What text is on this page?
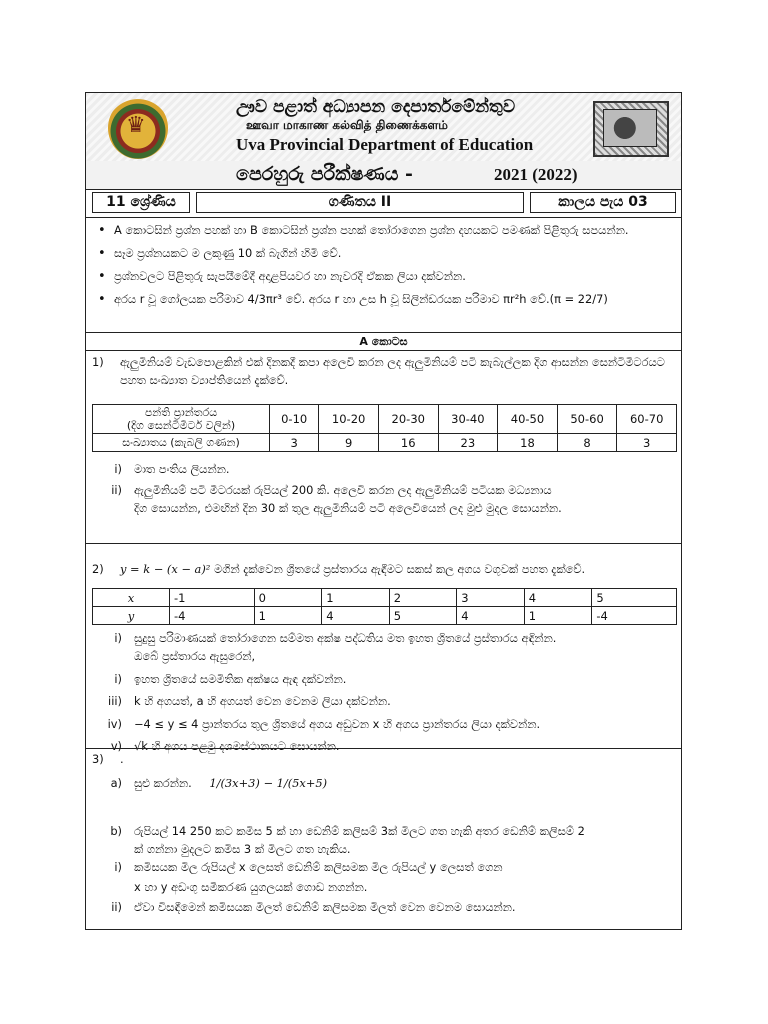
♛
ඌව පළාත් අධ්‍යාපන දෙපාර්තමේන්තුව
ஊவா மாகாண கல்வித் திணைக்களம்
Uva Provincial Department of Education
පෙරහුරු පරීක්ෂණය -	2021 (2022)
11 ශ්‍රේණිය	ගණිතය II	කාලය පැය 03
• A කොටසින් ප්‍රශ්න පහක් හා B කොටසින් ප්‍රශ්න පහක් තෝරාගෙන ප්‍රශ්න දහයකට පමණක් පිළිතුරු සපයන්න.
• සෑම ප්‍රශ්නයකට ම ලකුණු 10 ක් බැගින් හිමි වේ.
• ප්‍රශ්නවලට පිළිතුරු සැපයීමේදී අදාළපියවර හා නැවරදි ඒකක ලියා දක්වන්න.
• අරය r වූ ගෝලයක පරිමාව 4/3πr³ වේ. අරය r හා උස h වූ සිලින්ඩරයක පරිමාව πr²h වේ.(π = 22/7)
A කොටස
1) ඇලුමිනියම් වැඩපොළකින් එක් දිනකදී කපා අලෙවි කරන ලද ඇලුමිනියම් පටි කැබැල්ලක දිග ආසන්න සෙන්ටිමීටරයට පහත සංඛ්‍යාත ව්‍යාප්තියෙන් දැක්වේ.
පන්ති ප්‍රාන්තරය
(දිග සෙන්ටිමීටර් වලින්)	0-10	10-20	20-30	30-40	40-50	50-60	60-70
සංඛ්‍යාතය (කැබලි ගණන)	3	9	16	23	18	8	3
i) මාත පංතිය ලියන්න.
ii) ඇලුමිනියම් පටි මීටරයක් රුපියල් 200 කි. අලෙවි කරන ලද ඇලුමිනියම් පටියක මධ්‍යනාය
දිග සොයන්න, එමඟින් දින 30 ක් තුල ඇලුමිනියම් පටි අලෙවියෙන් ලද මුළු මුදල සොයන්න.
2) y = k − (x − a)² මගින් දැක්වෙන ශ්‍රිතයේ ප්‍රස්තාරය ඇඳීමට සකස් කල අගය වගුවක් පහත දැක්වේ.
x	-1	0	1	2	3	4	5
y	-4	1	4	5	4	1	-4
i) සුදුසු පරිමාණයක් තෝරාගෙන සම්මත අක්ෂ පද්ධතිය මත ඉහත ශ්‍රිතයේ ප්‍රස්තාරය අඳින්න.
ඔබේ ප්‍රස්තාරය ඇසුරෙන්,
i) ඉහත ශ්‍රිතයේ සමමිතික අක්ෂය ඇඳ දක්වන්න.
iii) k හි අගයත්, a හි අගයත් වෙන වෙනම ලියා දක්වන්න.
iv) −4 ≤ y ≤ 4 ප්‍රාන්තරය තුල ශ්‍රිතයේ අගය අඩුවන x හි අගය ප්‍රාන්තරය ලියා දක්වන්න.
v) √k හි අගය පළමු දශමස්ථානයට සොයන්න.
3) .
a) සුළු කරන්න. 1/(3x+3) − 1/(5x+5)
b) රුපියල් 14 250 කට කමිස 5 ක් හා ඩෙනිම් කලිසම් 3ක් මිලට ගත හැකි අතර ඩෙනිම් කලිසම් 2
ක් ගන්නා මුදලට කමිස 3 ක් මිලට ගත හැකිය.
i) කමිසයක මිල රුපියල් x ලෙසත් ඩෙනිම් කලිසමක මිල රුපියල් y ලෙසත් ගෙන
x හා y අඩංගු සමීකරණ යුගලයක් ගොඩ නගන්න.
ii) ඒවා විසඳීමෙන් කමිසයක මිලත් ඩෙනිම් කලිසමක මිලත් වෙන වෙනම සොයන්න.
